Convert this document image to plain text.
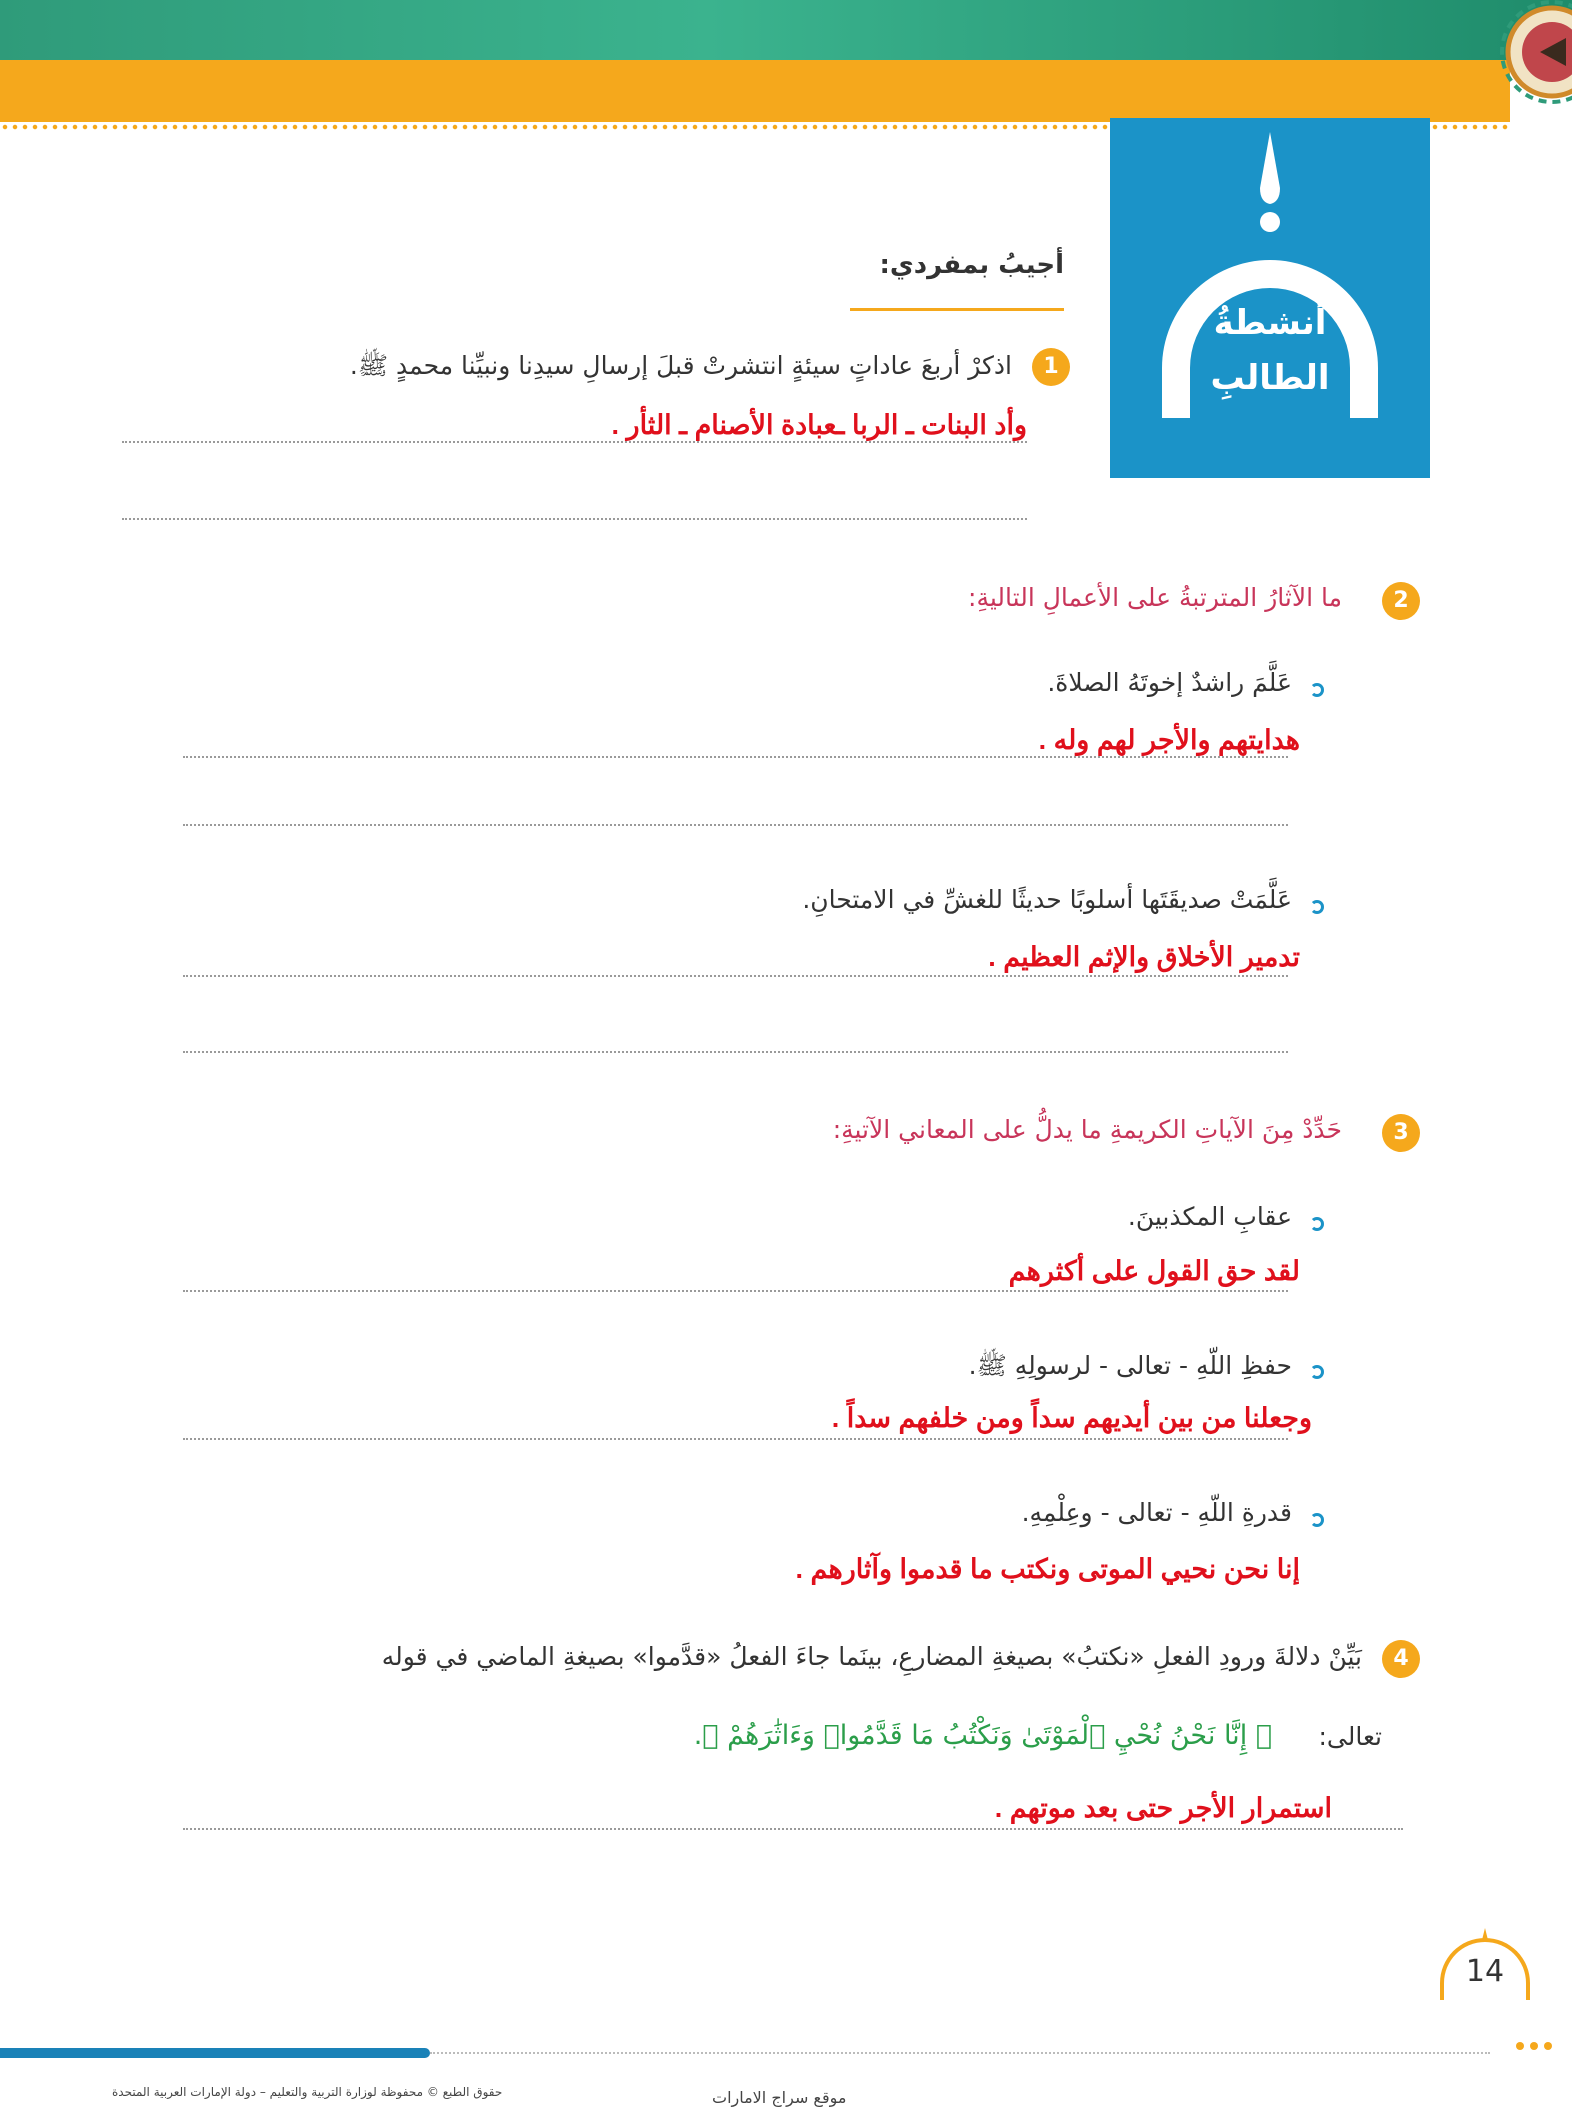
أنشطةُ
الطالبِ
أجيبُ بمفردي:
1
اذكرْ أربعَ عاداتٍ سيئةٍ انتشرتْ قبلَ إرسالِ سيدِنا ونبيِّنا محمدٍ ﷺ.
وأد البنات ـ الربا ـعبادة الأصنام ـ الثأر .
2
ما الآثارُ المترتبةُ على الأعمالِ التاليةِ:
عَلَّمَ راشدٌ إخوتَهُ الصلاةَ.
هدايتهم والأجر لهم وله .
عَلَّمَتْ صديقَتَها أسلوبًا حديثًا للغشِّ في الامتحانِ.
تدمير الأخلاق والإثم العظيم .
3
حَدِّدْ مِنَ الآياتِ الكريمةِ ما يدلُّ على المعاني الآتيةِ:
عقابِ المكذبينَ.
لقد حق القول على أكثرهم
حفظِ اللّهِ - تعالى - لرسولِهِ ﷺ.
وجعلنا من بين أيديهم سداً ومن خلفهم سداً .
قدرةِ اللّهِ - تعالى - وعِلْمِهِ.
إنا نحن نحيي الموتى ونكتب ما قدموا وآثارهم .
4
بَيِّنْ دلالةَ ورودِ الفعلِ «نكتبُ» بصيغةِ المضارعِ، بينَما جاءَ الفعلُ «قدَّموا» بصيغةِ الماضي في قوله
تعالى:
﴿ إِنَّا نَحْنُ نُحْيِ ٱلْمَوْتَىٰ وَنَكْتُبُ مَا قَدَّمُوا۟ وَءَاثَٰرَهُمْ ﴾.
استمرار الأجر حتى بعد موتهم .
14
حقوق الطبع © محفوظة لوزارة التربية والتعليم – دولة الإمارات العربية المتحدة	موقع سراج الامارات
